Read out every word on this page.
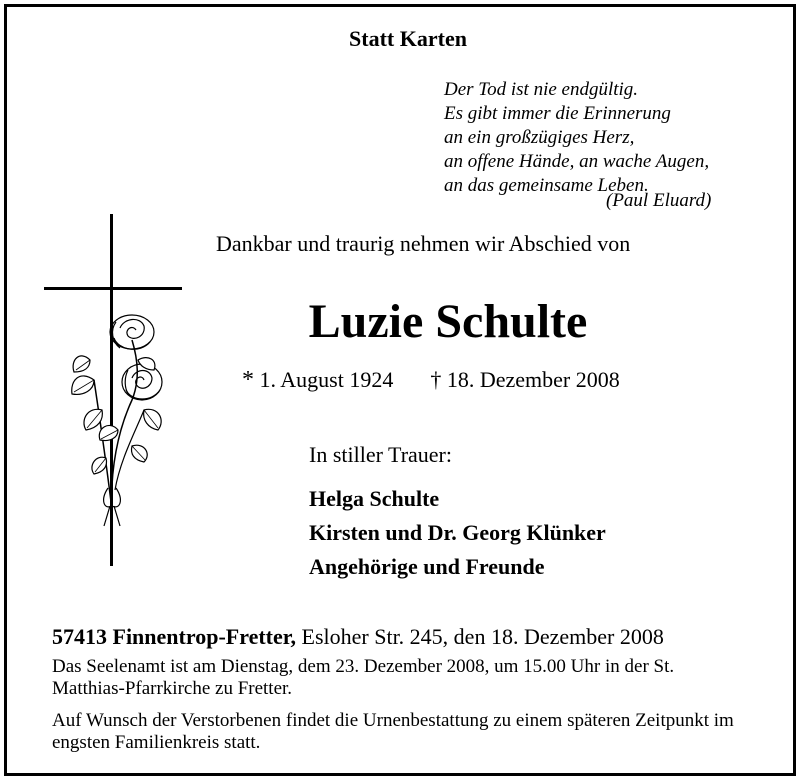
Statt Karten
Der Tod ist nie endgültig.
Es gibt immer die Erinnerung
an ein großzügiges Herz,
an offene Hände, an wache Augen,
an das gemeinsame Leben.
(Paul Eluard)
Dankbar und traurig nehmen wir Abschied von
Luzie Schulte
* 1. August 1924 † 18. Dezember 2008
In stiller Trauer:
Helga Schulte
Kirsten und Dr. Georg Klünker
Angehörige und Freunde
57413 Finnentrop-Fretter, Esloher Str. 245, den 18. Dezember 2008
Das Seelenamt ist am Dienstag, dem 23. Dezember 2008, um 15.00 Uhr in der St. Matthias-Pfarrkirche zu Fretter.
Auf Wunsch der Verstorbenen findet die Urnenbestattung zu einem späteren Zeitpunkt im engsten Familienkreis statt.
